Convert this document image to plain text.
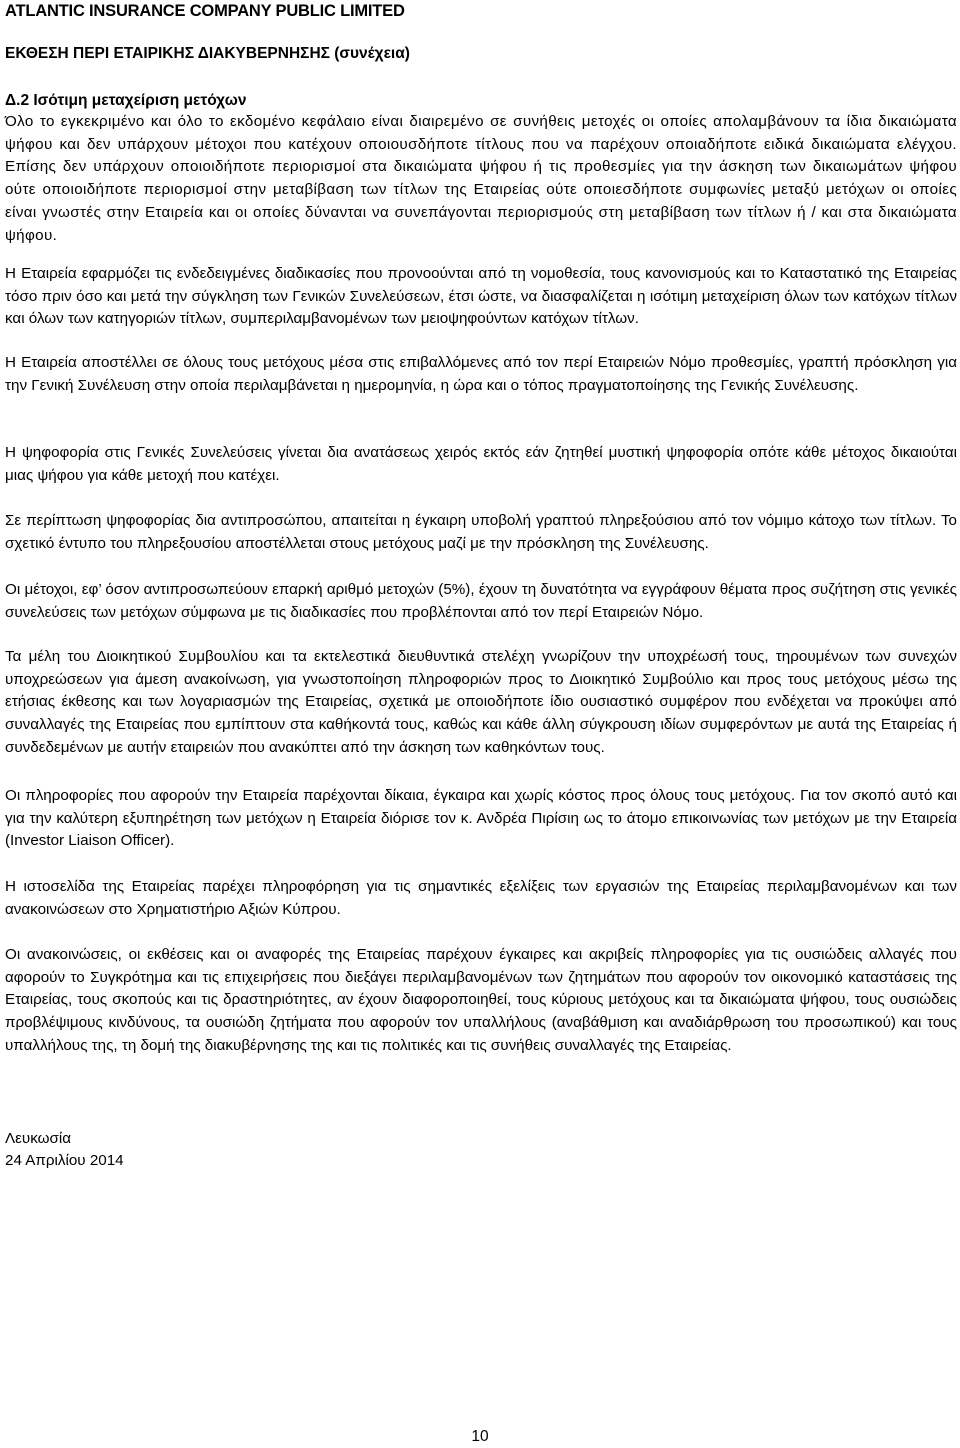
ATLANTIC INSURANCE COMPANY PUBLIC LIMITED
ΕΚΘΕΣΗ ΠΕΡΙ ΕΤΑΙΡΙΚΗΣ ΔΙΑΚΥΒΕΡΝΗΣΗΣ (συνέχεια)
Δ.2 Ισότιμη μεταχείριση μετόχων

Όλο το εγκεκριμένο και όλο το εκδομένο κεφάλαιο είναι διαιρεμένο σε συνήθεις μετοχές οι οποίες απολαμβάνουν τα ίδια δικαιώματα ψήφου και δεν υπάρχουν μέτοχοι που κατέχουν οποιουσδήποτε τίτλους που να παρέχουν οποιαδήποτε ειδικά δικαιώματα ελέγχου. Επίσης δεν υπάρχουν οποιοιδήποτε περιορισμοί στα δικαιώματα ψήφου ή τις προθεσμίες για την άσκηση των δικαιωμάτων ψήφου ούτε οποιοιδήποτε περιορισμοί στην μεταβίβαση των τίτλων της Εταιρείας ούτε οποιεσδήποτε συμφωνίες μεταξύ μετόχων οι οποίες είναι γνωστές στην Εταιρεία και οι οποίες δύνανται να συνεπάγονται περιορισμούς στη μεταβίβαση των τίτλων ή / και στα δικαιώματα ψήφου.

Η Εταιρεία εφαρμόζει τις ενδεδειγμένες διαδικασίες που προνοούνται από τη νομοθεσία, τους κανονισμούς και το Καταστατικό της Εταιρείας τόσο πριν όσο και μετά την σύγκληση των Γενικών Συνελεύσεων, έτσι ώστε, να διασφαλίζεται η ισότιμη μεταχείριση όλων των κατόχων τίτλων και όλων των κατηγοριών τίτλων, συμπεριλαμβανομένων των μειοψηφούντων κατόχων τίτλων.

Η Εταιρεία αποστέλλει σε όλους τους μετόχους μέσα στις επιβαλλόμενες από τον περί Εταιρειών Νόμο προθεσμίες, γραπτή πρόσκληση για την Γενική Συνέλευση στην οποία περιλαμβάνεται η ημερομηνία, η ώρα και ο τόπος πραγματοποίησης της Γενικής Συνέλευσης.

Η ψηφοφορία στις Γενικές Συνελεύσεις γίνεται δια ανατάσεως χειρός εκτός εάν ζητηθεί μυστική ψηφοφορία οπότε κάθε μέτοχος δικαιούται μιας ψήφου για κάθε μετοχή που κατέχει.

Σε περίπτωση ψηφοφορίας δια αντιπροσώπου, απαιτείται η έγκαιρη υποβολή γραπτού πληρεξούσιου από τον νόμιμο κάτοχο των τίτλων. Το σχετικό έντυπο του πληρεξουσίου αποστέλλεται στους μετόχους μαζί με την πρόσκληση της Συνέλευσης.

Οι μέτοχοι, εφ’ όσον αντιπροσωπεύουν επαρκή αριθμό μετοχών (5%), έχουν τη δυνατότητα να εγγράφουν θέματα προς συζήτηση στις γενικές συνελεύσεις των μετόχων σύμφωνα με τις διαδικασίες που προβλέπονται από τον περί Εταιρειών Νόμο.

Τα μέλη του Διοικητικού Συμβουλίου και τα εκτελεστικά διευθυντικά στελέχη γνωρίζουν την υποχρέωσή τους, τηρουμένων των συνεχών υποχρεώσεων για άμεση ανακοίνωση, για γνωστοποίηση πληροφοριών προς το Διοικητικό Συμβούλιο και προς τους μετόχους μέσω της ετήσιας έκθεσης και των λογαριασμών της Εταιρείας, σχετικά με οποιοδήποτε ίδιο ουσιαστικό συμφέρον που ενδέχεται να προκύψει από συναλλαγές της Εταιρείας που εμπίπτουν στα καθήκοντά τους, καθώς και κάθε άλλη σύγκρουση ιδίων συμφερόντων με αυτά της Εταιρείας ή συνδεδεμένων με αυτήν εταιρειών που ανακύπτει από την άσκηση των καθηκόντων τους.

Οι πληροφορίες που αφορούν την Εταιρεία παρέχονται δίκαια, έγκαιρα και χωρίς κόστος προς όλους τους μετόχους. Για τον σκοπό αυτό και για την καλύτερη εξυπηρέτηση των μετόχων η Εταιρεία διόρισε τον κ. Ανδρέα Πιρίσιη ως το άτομο επικοινωνίας των μετόχων με την Εταιρεία (Investor Liaison Officer).

Η ιστοσελίδα της Εταιρείας παρέχει πληροφόρηση για τις σημαντικές εξελίξεις των εργασιών της Εταιρείας περιλαμβανομένων και των ανακοινώσεων στο Χρηματιστήριο Αξιών Κύπρου.

Οι ανακοινώσεις, οι εκθέσεις και οι αναφορές της Εταιρείας παρέχουν έγκαιρες και ακριβείς πληροφορίες για τις ουσιώδεις αλλαγές που αφορούν το Συγκρότημα και τις επιχειρήσεις που διεξάγει περιλαμβανομένων των ζητημάτων που αφορούν τον οικονομικό καταστάσεις της Εταιρείας, τους σκοπούς και τις δραστηριότητες, αν έχουν διαφοροποιηθεί, τους κύριους μετόχους και τα δικαιώματα ψήφου, τους ουσιώδεις προβλέψιμους κινδύνους, τα ουσιώδη ζητήματα που αφορούν τον υπαλλήλους (αναβάθμιση και αναδιάρθρωση του προσωπικού) και τους υπαλλήλους της, τη δομή της διακυβέρνησης της και τις πολιτικές και τις συνήθεις συναλλαγές της Εταιρείας.

Λευκωσία
24 Απριλίου 2014
10
